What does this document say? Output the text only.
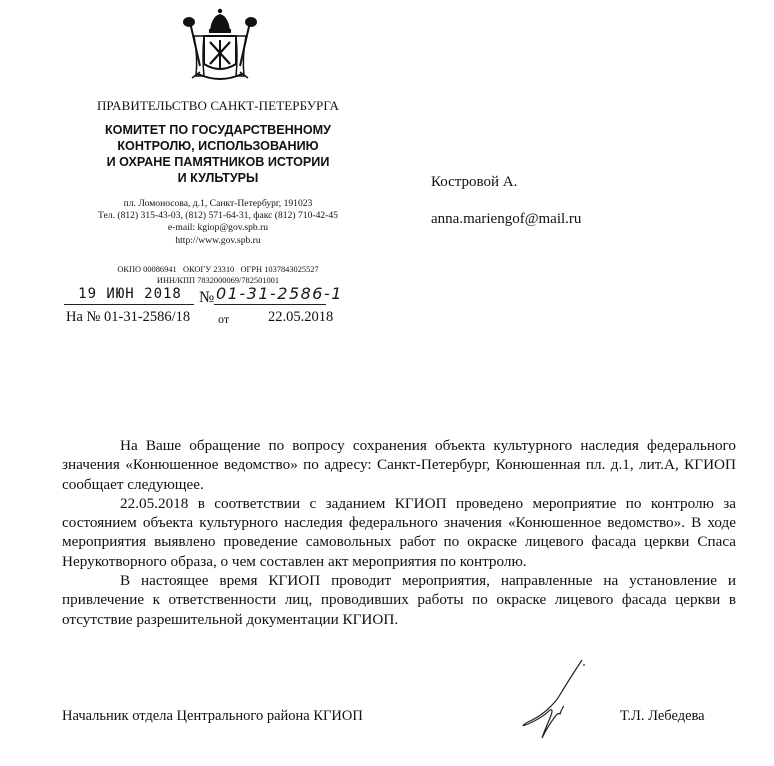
ПРАВИТЕЛЬСТВО САНКТ-ПЕТЕРБУРГА
КОМИТЕТ ПО ГОСУДАРСТВЕННОМУ
КОНТРОЛЮ, ИСПОЛЬЗОВАНИЮ
И ОХРАНЕ ПАМЯТНИКОВ ИСТОРИИ
И КУЛЬТУРЫ
пл. Ломоносова, д.1, Санкт-Петербург, 191023
Тел. (812) 315-43-03, (812) 571-64-31, факс (812) 710-42-45
e-mail: kgiop@gov.spb.ru
http://www.gov.spb.ru
ОКПО 00086941   ОКОГУ 23310   ОГРН 1037843025527
ИНН/КПП 7832000069/782501001
19 ИЮН 2018	№ 01-31-2586-1
На № 01-31-2586/18 от	22.05.2018
Костровой А.
anna.mariengof@mail.ru

На Ваше обращение по вопросу сохранения объекта культурного наследия федерального значения «Конюшенное ведомство» по адресу: Санкт-Петербург, Конюшенная пл. д.1, лит.А, КГИОП сообщает следующее.

22.05.2018 в соответствии с заданием КГИОП проведено мероприятие по контролю за состоянием объекта культурного наследия федерального значения «Конюшенное ведомство». В ходе мероприятия выявлено проведение самовольных работ по окраске лицевого фасада церкви Спаса Нерукотворного образа, о чем составлен акт мероприятия по контролю.

В настоящее время КГИОП проводит мероприятия, направленные на установление и привлечение к ответственности лиц, проводивших работы по окраске лицевого фасада церкви в отсутствие разрешительной документации КГИОП.

Начальник отдела Центрального района КГИОП	Т.Л. Лебедева
